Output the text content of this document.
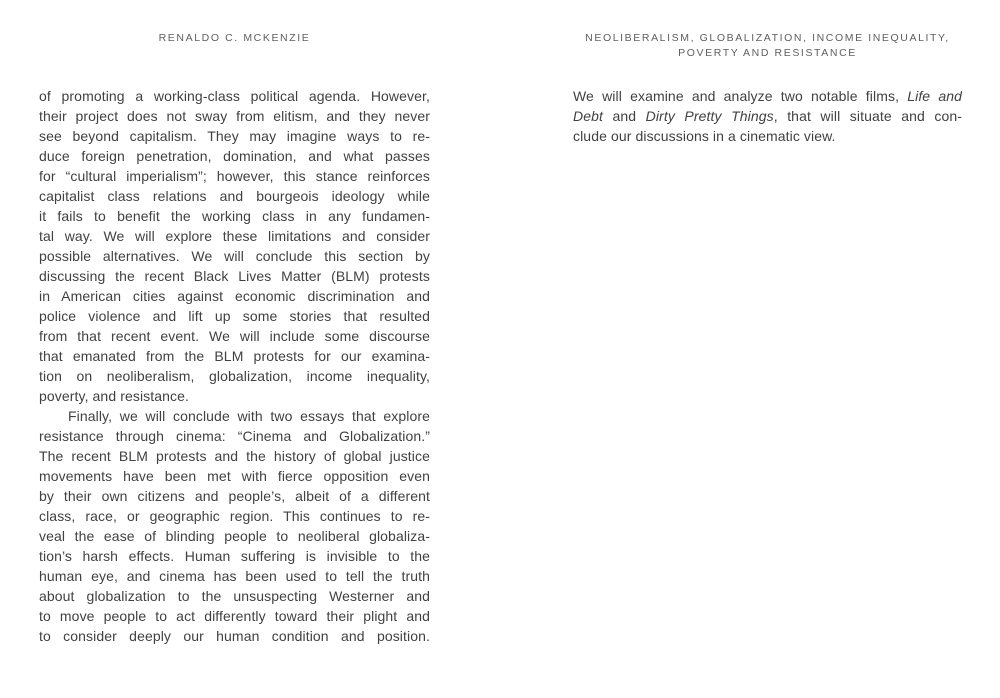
RENALDO C. MCKENZIE
of promoting a working-class political agenda. However,
their project does not sway from elitism, and they never
see beyond capitalism. They may imagine ways to re-
duce foreign penetration, domination, and what passes
for “cultural imperialism”; however, this stance reinforces
capitalist class relations and bourgeois ideology while
it fails to benefit the working class in any fundamen-
tal way. We will explore these limitations and consider
possible alternatives. We will conclude this section by
discussing the recent Black Lives Matter (BLM) protests
in American cities against economic discrimination and
police violence and lift up some stories that resulted
from that recent event. We will include some discourse
that emanated from the BLM protests for our examina-
tion on neoliberalism, globalization, income inequality,
poverty, and resistance.
Finally, we will conclude with two essays that explore
resistance through cinema: “Cinema and Globalization.”
The recent BLM protests and the history of global justice
movements have been met with fierce opposition even
by their own citizens and people’s, albeit of a different
class, race, or geographic region. This continues to re-
veal the ease of blinding people to neoliberal globaliza-
tion’s harsh effects. Human suffering is invisible to the
human eye, and cinema has been used to tell the truth
about globalization to the unsuspecting Westerner and
to move people to act differently toward their plight and
to consider deeply our human condition and position.
NEOLIBERALISM, GLOBALIZATION, INCOME INEQUALITY,
POVERTY AND RESISTANCE
We will examine and analyze two notable films, Life and
Debt and Dirty Pretty Things, that will situate and con-
clude our discussions in a cinematic view.
